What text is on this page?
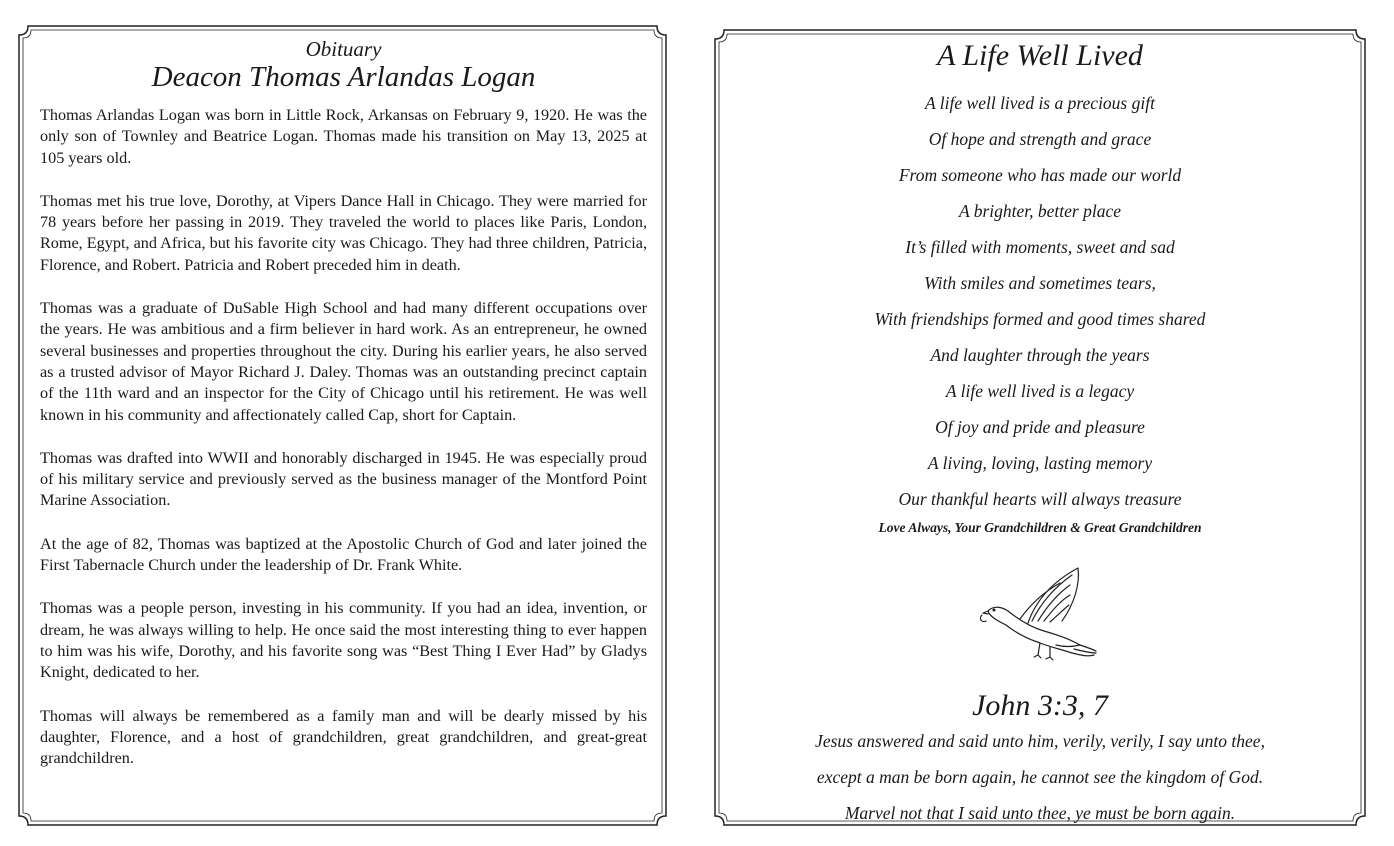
Obituary
Deacon Thomas Arlandas Logan

Thomas Arlandas Logan was born in Little Rock, Arkansas on February 9, 1920. He was the only son of Townley and Beatrice Logan. Thomas made his transition on May 13, 2025 at 105 years old.

Thomas met his true love, Dorothy, at Vipers Dance Hall in Chicago. They were married for 78 years before her passing in 2019. They traveled the world to places like Paris, London, Rome, Egypt, and Africa, but his favorite city was Chicago. They had three children, Patricia, Florence, and Robert. Patricia and Robert preceded him in death.

Thomas was a graduate of DuSable High School and had many different occupations over the years. He was ambitious and a firm believer in hard work. As an entrepreneur, he owned several businesses and properties throughout the city. During his earlier years, he also served as a trusted advisor of Mayor Richard J. Daley. Thomas was an outstanding precinct captain of the 11th ward and an inspector for the City of Chicago until his retirement. He was well known in his community and affectionately called Cap, short for Captain.

Thomas was drafted into WWII and honorably discharged in 1945. He was especially proud of his military service and previously served as the business manager of the Montford Point Marine Association.

At the age of 82, Thomas was baptized at the Apostolic Church of God and later joined the First Tabernacle Church under the leadership of Dr. Frank White.

Thomas was a people person, investing in his community. If you had an idea, invention, or dream, he was always willing to help. He once said the most interesting thing to ever happen to him was his wife, Dorothy, and his favorite song was “Best Thing I Ever Had” by Gladys Knight, dedicated to her.

Thomas will always be remembered as a family man and will be dearly missed by his daughter, Florence, and a host of grandchildren, great grandchildren, and great-great grandchildren.

A Life Well Lived
A life well lived is a precious gift
Of hope and strength and grace
From someone who has made our world
A brighter, better place
It’s filled with moments, sweet and sad
With smiles and sometimes tears,
With friendships formed and good times shared
And laughter through the years
A life well lived is a legacy
Of joy and pride and pleasure
A living, loving, lasting memory
Our thankful hearts will always treasure
Love Always, Your Grandchildren & Great Grandchildren
John 3:3, 7
Jesus answered and said unto him, verily, verily, I say unto thee,
except a man be born again, he cannot see the kingdom of God.
Marvel not that I said unto thee, ye must be born again.
